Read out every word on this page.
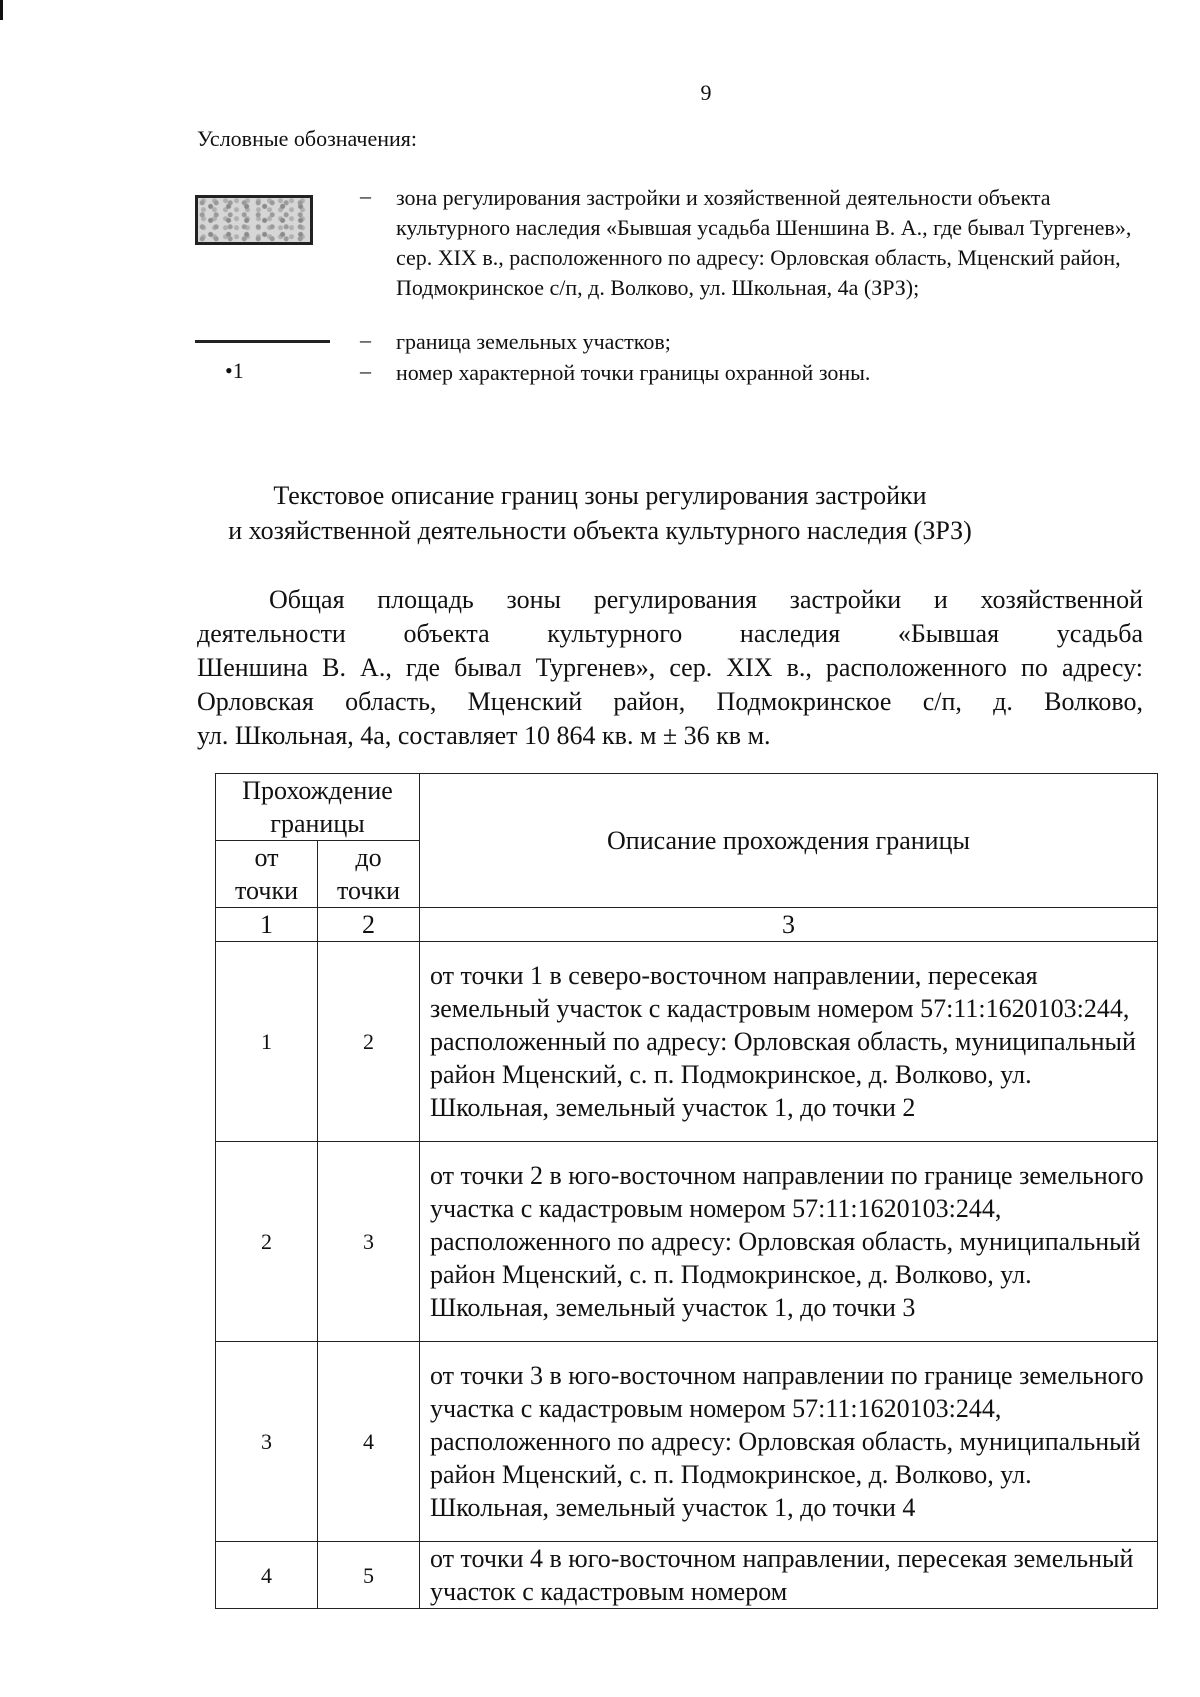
9
Условные обозначения:
– зона регулирования застройки и хозяйственной деятельности объекта культурного наследия «Бывшая усадьба Шеншина В. А., где бывал Тургенев», сер. XIX в., расположенного по адресу: Орловская область, Мценский район, Подмокринское с/п, д. Волково, ул. Школьная, 4а (ЗРЗ);
– граница земельных участков;
•1	– номер характерной точки границы охранной зоны.
Текстовое описание границ зоны регулирования застройки
и хозяйственной деятельности объекта культурного наследия (ЗРЗ)
Общая площадь зоны регулирования застройки и хозяйственной
деятельности объекта культурного наследия «Бывшая усадьба
Шеншина В. А., где бывал Тургенев», сер. XIX в., расположенного по адресу:
Орловская область, Мценский район, Подмокринское с/п, д. Волково,
ул. Школьная, 4а, составляет 10 864 кв. м ± 36 кв м.
Прохождение границы		Описание прохождения границы
от точки	до точки	
1	2	3
1	2	от точки 1 в северо-восточном направлении, пересекая земельный участок с кадастровым номером 57:11:1620103:244, расположенный по адресу: Орловская область, муниципальный район Мценский, с. п. Подмокринское, д. Волково, ул. Школьная, земельный участок 1, до точки 2
2	3	от точки 2 в юго-восточном направлении по границе земельного участка с кадастровым номером 57:11:1620103:244, расположенного по адресу: Орловская область, муниципальный район Мценский, с. п. Подмокринское, д. Волково, ул. Школьная, земельный участок 1, до точки 3
3	4	от точки 3 в юго-восточном направлении по границе земельного участка с кадастровым номером 57:11:1620103:244, расположенного по адресу: Орловская область, муниципальный район Мценский, с. п. Подмокринское, д. Волково, ул. Школьная, земельный участок 1, до точки 4
4	5	от точки 4 в юго-восточном направлении, пересекая земельный участок с кадастровым номером
